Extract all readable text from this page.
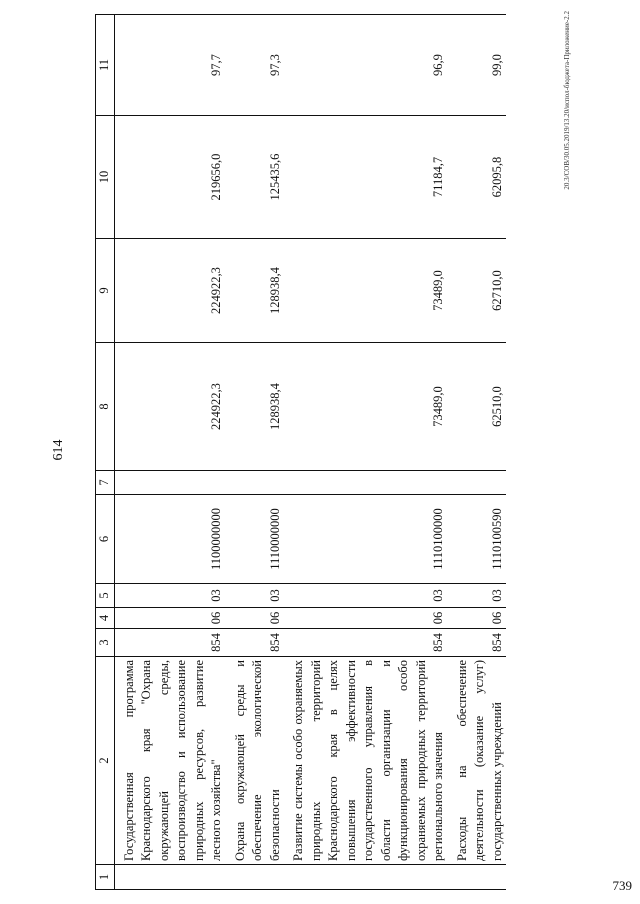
614
1	2	3	4	5	6	7	8	9	10	11
	Государственная программа Краснодарского края "Охрана окружающей среды, воспроизводство и использование природных ресурсов, развитие лесного хозяйства"	854	06	03	1100000000		224922,3	224922,3	219656,0	97,7
	Охрана окружающей среды и обеспечение экологической безопасности	854	06	03	1110000000		128938,4	128938,4	125435,6	97,3
	Развитие системы особо охраняемых природных территорий Краснодарского края в целях повышения эффективности государственного управления в области организации и функционирования особо охраняемых природных территорий регионального значения	854	06	03	1110100000		73489,0	73489,0	71184,7	96,9
	Расходы на обеспечение деятельности (оказание услуг) государственных учреждений	854	06	03	1110100590		62510,0	62710,0	62095,8	99,0	20.3/СОВ/30.05.2019/13.20/испол-бюджета-Приложение-2.2
739
